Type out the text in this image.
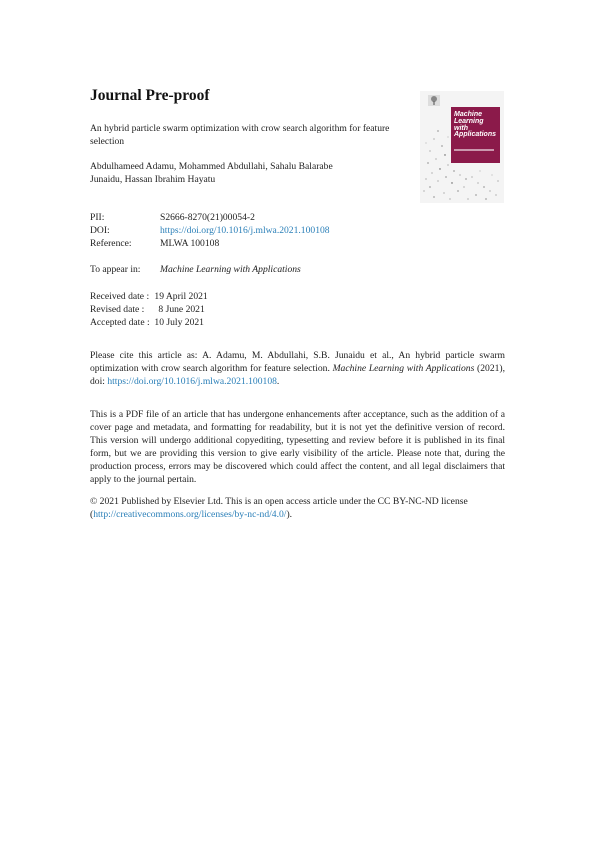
Journal Pre-proof
An hybrid particle swarm optimization with crow search algorithm for feature selection
Abdulhameed Adamu, Mohammed Abdullahi, Sahalu Balarabe Junaidu, Hassan Ibrahim Hayatu
PII:	S2666-8270(21)00054-2
DOI:	https://doi.org/10.1016/j.mlwa.2021.100108
Reference:	MLWA 100108
To appear in: Machine Learning with Applications
Received date : 19 April 2021
Revised date : 8 June 2021
Accepted date : 10 July 2021
Please cite this article as: A. Adamu, M. Abdullahi, S.B. Junaidu et al., An hybrid particle swarm optimization with crow search algorithm for feature selection. Machine Learning with Applications (2021), doi: https://doi.org/10.1016/j.mlwa.2021.100108.
This is a PDF file of an article that has undergone enhancements after acceptance, such as the addition of a cover page and metadata, and formatting for readability, but it is not yet the definitive version of record. This version will undergo additional copyediting, typesetting and review before it is published in its final form, but we are providing this version to give early visibility of the article. Please note that, during the production process, errors may be discovered which could affect the content, and all legal disclaimers that apply to the journal pertain.
© 2021 Published by Elsevier Ltd. This is an open access article under the CC BY-NC-ND license
(http://creativecommons.org/licenses/by-nc-nd/4.0/).
Machine Learning with Applications
